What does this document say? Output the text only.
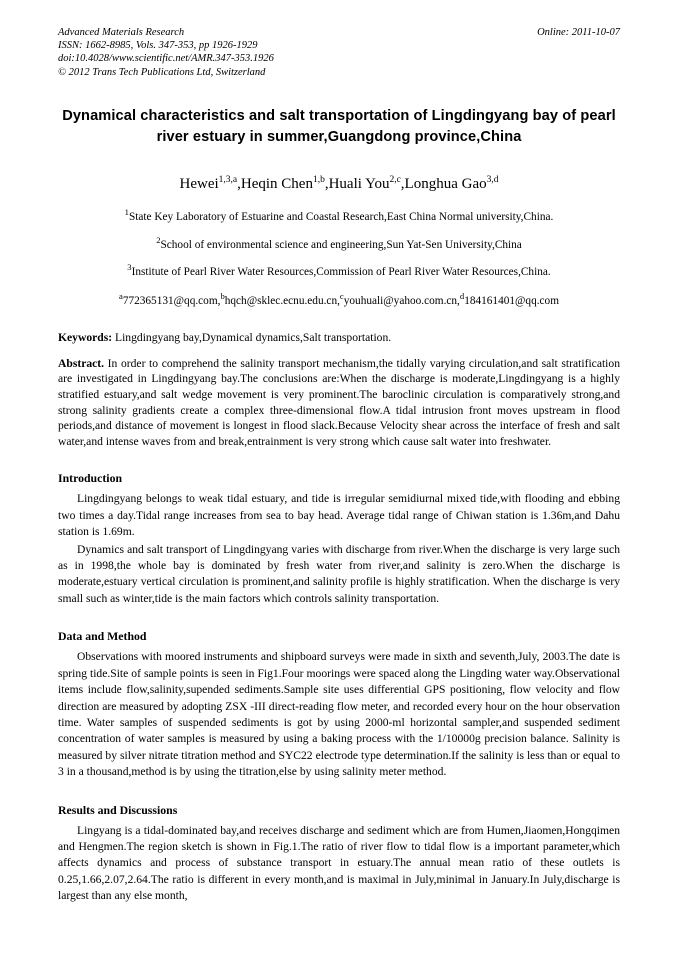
Advanced Materials Research	Online: 2011-10-07
ISSN: 1662-8985, Vols. 347-353, pp 1926-1929
doi:10.4028/www.scientific.net/AMR.347-353.1926
© 2012 Trans Tech Publications Ltd, Switzerland
Dynamical characteristics and salt transportation of Lingdingyang bay of pearl river estuary in summer,Guangdong province,China
Hewei$^{1,3,a}$,Heqin Chen$^{1,b}$,Huali You$^{2,c}$,Longhua Gao$^{3,d}$
$^1$State Key Laboratory of Estuarine and Coastal Research,East China Normal university,China.
$^2$School of environmental science and engineering,Sun Yat-Sen University,China
$^3$Institute of Pearl River Water Resources,Commission of Pearl River Water Resources,China.
$^a$772365131@qq.com,$^b$hqch@sklec.ecnu.edu.cn,$^c$youhuali@yahoo.com.cn,$^d$184161401@qq.com
Keywords: Lingdingyang bay,Dynamical dynamics,Salt transportation.
Abstract. In order to comprehend the salinity transport mechanism,the tidally varying circulation,and salt stratification are investigated in Lingdingyang bay.The conclusions are:When the discharge is moderate,Lingdingyang is a highly stratified estuary,and salt wedge movement is very prominent.The baroclinic circulation is comparatively strong,and strong salinity gradients create a complex three-dimensional flow.A tidal intrusion front moves upstream in flood periods,and distance of movement is longest in flood slack.Because Velocity shear across the interface of fresh and salt water,and intense waves from and break,entrainment is very strong which cause salt water into freshwater.
Introduction

Lingdingyang belongs to weak tidal estuary, and tide is irregular semidiurnal mixed tide,with flooding and ebbing two times a day.Tidal range increases from sea to bay head. Average tidal range of Chiwan station is 1.36m,and Dahu station is 1.69m.

Dynamics and salt transport of Lingdingyang varies with discharge from river.When the discharge is very large such as in 1998,the whole bay is dominated by fresh water from river,and salinity is zero.When the discharge is moderate,estuary vertical circulation is prominent,and salinity profile is highly stratification. When the discharge is very small such as winter,tide is the main factors which controls salinity transportation.

Data and Method

Observations with moored instruments and shipboard surveys were made in sixth and seventh,July, 2003.The date is spring tide.Site of sample points is seen in Fig1.Four moorings were spaced along the Lingding water way.Observational items include flow,salinity,supended sediments.Sample site uses differential GPS positioning, flow velocity and flow direction are measured by adopting ZSX -III direct-reading flow meter, and recorded every hour on the hour observation time. Water samples of suspended sediments is got by using 2000-ml horizontal sampler,and suspended sediment concentration of water samples is measured by using a baking process with the 1/10000g precision balance. Salinity is measured by silver nitrate titration method and SYC22 electrode type determination.If the salinity is less than or equal to 3 in a thousand,method is by using the titration,else by using salinity meter method.

Results and Discussions

Lingyang is a tidal-dominated bay,and receives discharge and sediment which are from Humen,Jiaomen,Hongqimen and Hengmen.The region sketch is shown in Fig.1.The ratio of river flow to tidal flow is a important parameter,which affects dynamics and process of substance transport in estuary.The annual mean ratio of these outlets is 0.25,1.66,2.07,2.64.The ratio is different in every month,and is maximal in July,minimal in January.In July,discharge is largest than any else month,
